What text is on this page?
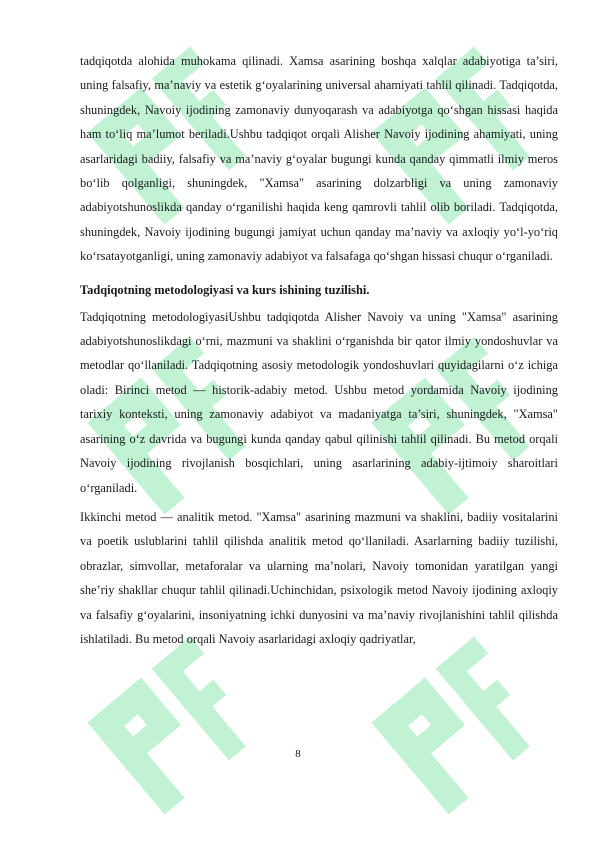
tadqiqotda alohida muhokama qilinadi. Xamsa asarining boshqa xalqlar adabiyotiga ta’siri, uning falsafiy, ma’naviy va estetik g‘oyalarining universal ahamiyati tahlil qilinadi. Tadqiqotda, shuningdek, Navoiy ijodining zamonaviy dunyoqarash va adabiyotga qo‘shgan hissasi haqida ham to‘liq ma’lumot beriladi.Ushbu tadqiqot orqali Alisher Navoiy ijodining ahamiyati, uning asarlaridagi badiiy, falsafiy va ma’naviy g‘oyalar bugungi kunda qanday qimmatli ilmiy meros bo‘lib qolganligi, shuningdek, "Xamsa" asarining dolzarbligi va uning zamonaviy adabiyotshunoslikda qanday o‘rganilishi haqida keng qamrovli tahlil olib boriladi. Tadqiqotda, shuningdek, Navoiy ijodining bugungi jamiyat uchun qanday ma’naviy va axloqiy yo‘l-yo‘riq ko‘rsatayotganligi, uning zamonaviy adabiyot va falsafaga qo‘shgan hissasi chuqur o‘rganiladi.

Tadqiqotning metodologiyasi va kurs ishining tuzilishi.

Tadqiqotning metodologiyasiUshbu tadqiqotda Alisher Navoiy va uning "Xamsa" asarining adabiyotshunoslikdagi o‘rni, mazmuni va shaklini o‘rganishda bir qator ilmiy yondoshuvlar va metodlar qo‘llaniladi. Tadqiqotning asosiy metodologik yondoshuvlari quyidagilarni o‘z ichiga oladi: Birinci metod — historik-adabiy metod. Ushbu metod yordamida Navoiy ijodining tarixiy konteksti, uning zamonaviy adabiyot va madaniyatga ta’siri, shuningdek, "Xamsa" asarining o‘z davrida va bugungi kunda qanday qabul qilinishi tahlil qilinadi. Bu metod orqali Navoiy ijodining rivojlanish bosqichlari, uning asarlarining adabiy-ijtimoiy sharoitlari o‘rganiladi.

Ikkinchi metod — analitik metod. "Xamsa" asarining mazmuni va shaklini, badiiy vositalarini va poetik uslublarini tahlil qilishda analitik metod qo‘llaniladi. Asarlarning badiiy tuzilishi, obrazlar, simvollar, metaforalar va ularning ma’nolari, Navoiy tomonidan yaratilgan yangi she’riy shakllar chuqur tahlil qilinadi.Uchinchidan, psixologik metod Navoiy ijodining axloqiy va falsafiy g‘oyalarini, insoniyatning ichki dunyosini va ma’naviy rivojlanishini tahlil qilishda ishlatiladi. Bu metod orqali Navoiy asarlaridagi axloqiy qadriyatlar,

8
